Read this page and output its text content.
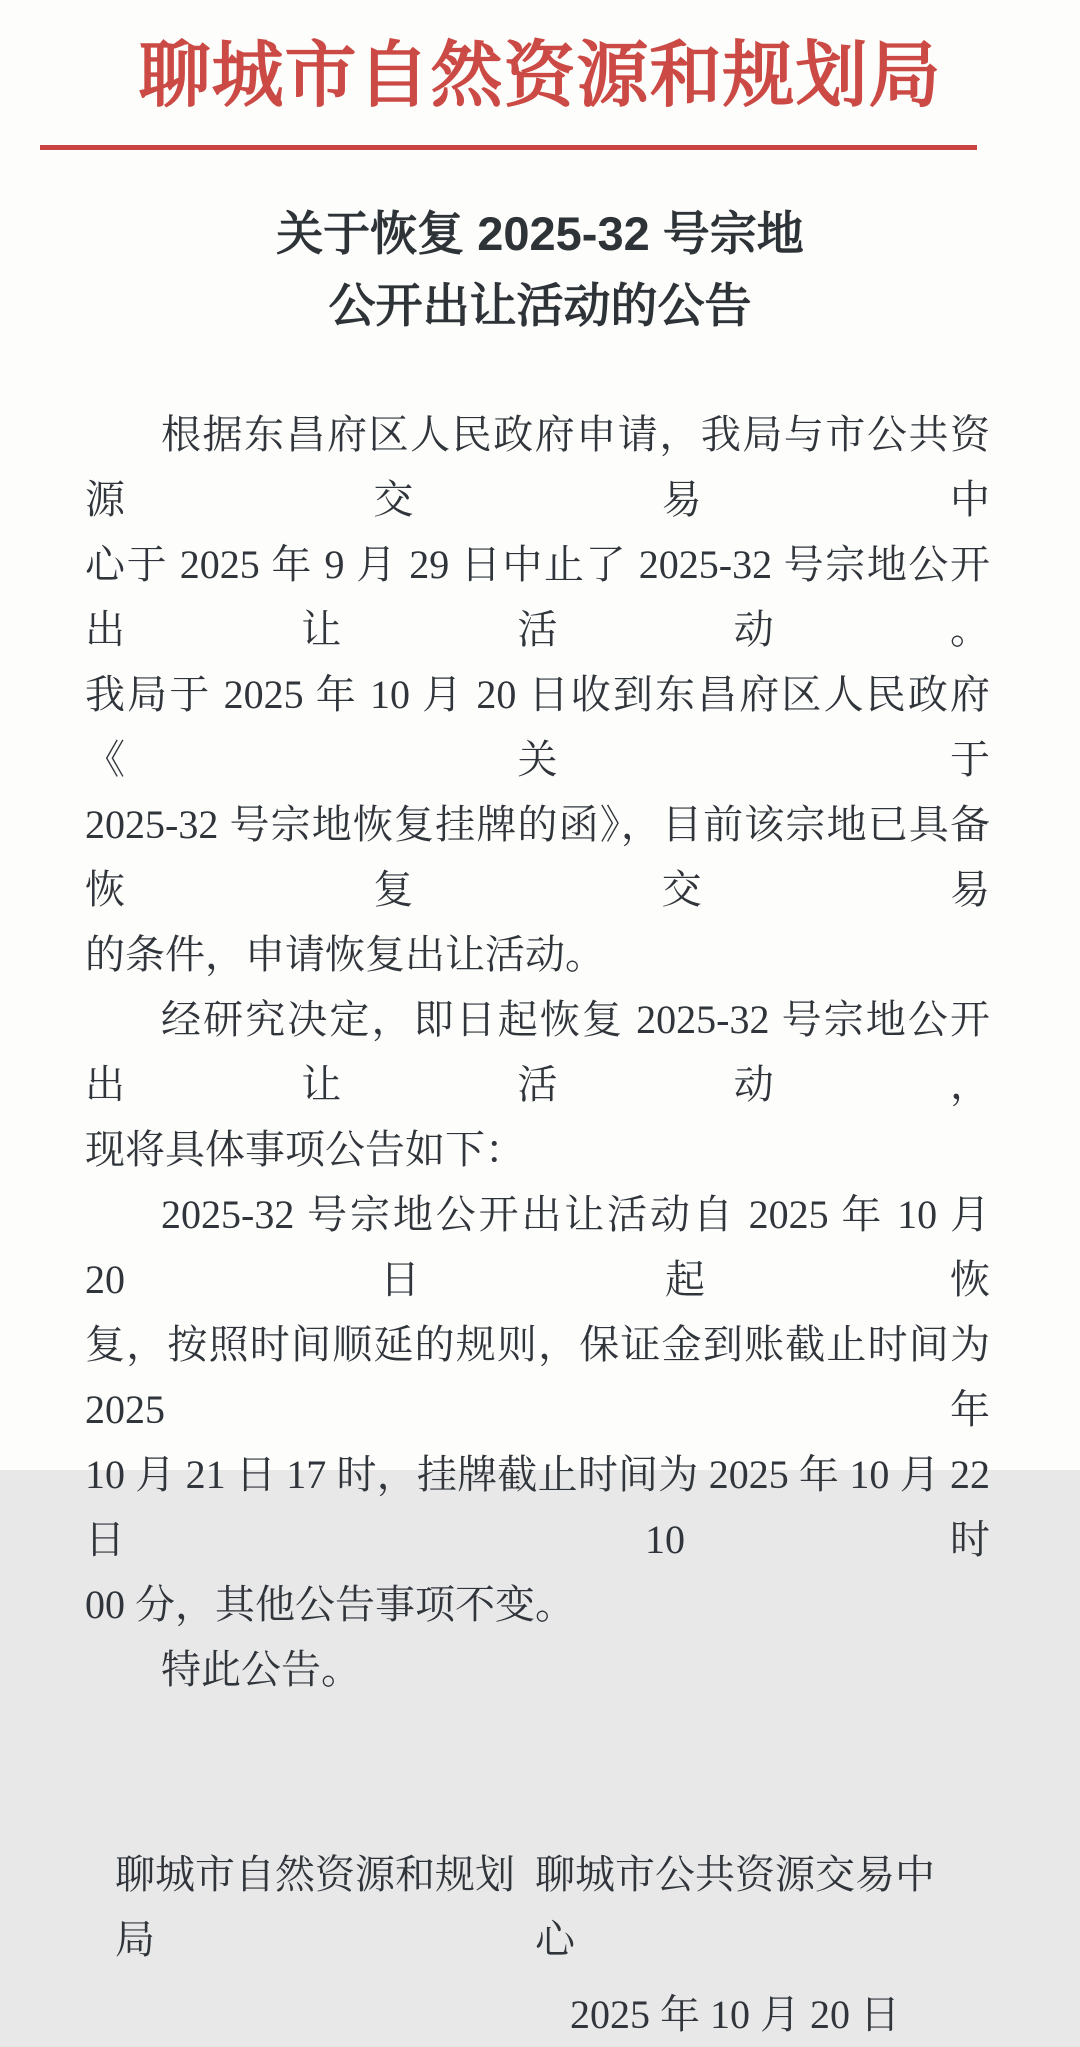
聊城市自然资源和规划局
关于恢复 2025-32 号宗地
公开出让活动的公告
根据东昌府区人民政府申请，我局与市公共资源交易中
心于 2025 年 9 月 29 日中止了 2025-32 号宗地公开出让活动。
我局于 2025 年 10 月 20 日收到东昌府区人民政府《关于
2025-32 号宗地恢复挂牌的函》，目前该宗地已具备恢复交易
的条件，申请恢复出让活动。
经研究决定，即日起恢复 2025-32 号宗地公开出让活动，
现将具体事项公告如下：
2025-32 号宗地公开出让活动自 2025 年 10 月 20 日起恢
复，按照时间顺延的规则，保证金到账截止时间为 2025 年
10 月 21 日 17 时，挂牌截止时间为 2025 年 10 月 22 日 10 时
00 分，其他公告事项不变。
特此公告。
聊城市自然资源和规划局
聊城市公共资源交易中心
2025 年 10 月 20 日
